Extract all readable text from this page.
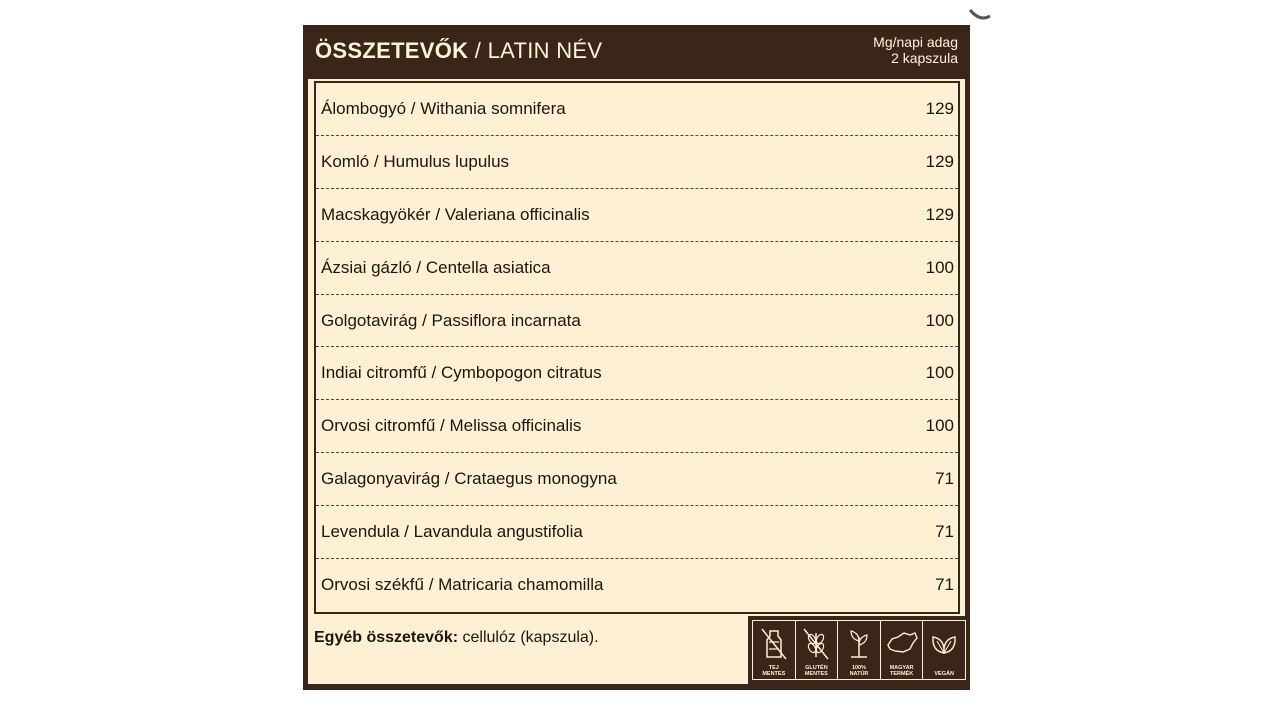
ÖSSZETEVŐK / LATIN NÉV	Mg/napi adag
2 kapszula
Álombogyó / Withania somnifera	129
Komló / Humulus lupulus	129
Macskagyökér / Valeriana officinalis	129
Ázsiai gázló / Centella asiatica	100
Golgotavirág / Passiflora incarnata	100
Indiai citromfű / Cymbopogon citratus	100
Orvosi citromfű / Melissa officinalis	100
Galagonyavirág / Crataegus monogyna	71
Levendula / Lavandula angustifolia	71
Orvosi székfű / Matricaria chamomilla	71
Egyéb összetevők: cellulóz (kapszula).
TEJ
MENTES
GLUTÉN
MENTES
100%
NATÚR
MAGYAR
TERMÉK	VEGÁN
